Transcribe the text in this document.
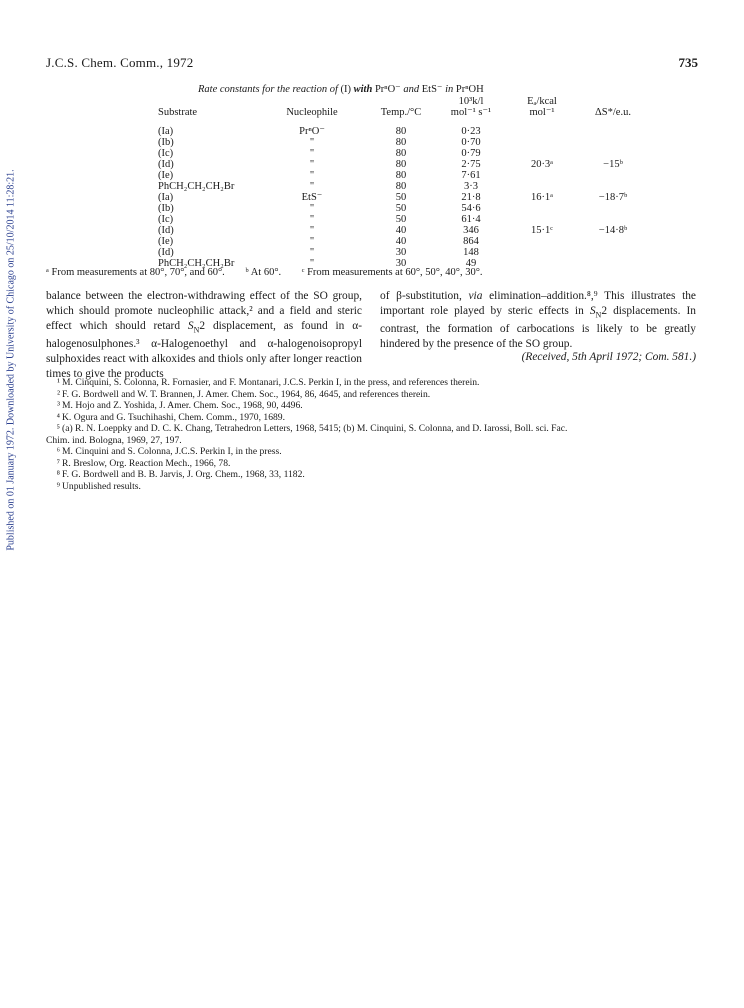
Published on 01 January 1972. Downloaded by University of Chicago on 25/10/2014 11:28:21.
J.C.S. Chem. Comm., 1972	735
Rate constants for the reaction of (I) with PrⁿO⁻ and EtS⁻ in PrⁿOH
			10³k/l	Eₐ/kcal	
Substrate	Nucleophile	Temp./°C	mol⁻¹ s⁻¹	mol⁻¹	ΔS*/e.u.
(Ia)	PrⁿO⁻	80	0·23		
(Ib)	"	80	0·70		
(Ic)	"	80	0·79		
(Id)	"	80	2·75	20·3ᵃ	−15ᵇ
(Ie)	"	80	7·61		
PhCH₂CH₂CH₂Br	"	80	3·3		
(Ia)	EtS⁻	50	21·8	16·1ᵃ	−18·7ᵇ
(Ib)	"	50	54·6		
(Ic)	"	50	61·4		
(Id)	"	40	346	15·1ᶜ	−14·8ᵇ
(Ie)	"	40	864		
(Id)	"	30	148		
PhCH₂CH₂CH₂Br	"	30	49		
ᵃ From measurements at 80°, 70°, and 60°. ᵇ At 60°. ᶜ From measurements at 60°, 50°, 40°, 30°.
balance between the electron-withdrawing effect of the SO group, which should promote nucleophilic attack,² and a field and steric effect which should retard $S_N2$ displacement, as found in α-halogenosulphones.³ α-Halogenoethyl and α-halogenoisopropyl sulphoxides react with alkoxides and thiols only after longer reaction times to give the products
of β-substitution, via elimination–addition.⁸,⁹ This illustrates the important role played by steric effects in $S_N2$ displacements. In contrast, the formation of carbocations is likely to be greatly hindered by the presence of the SO group.
(Received, 5th April 1972; Com. 581.)
¹ M. Cinquini, S. Colonna, R. Fornasier, and F. Montanari, J.C.S. Perkin I, in the press, and references therein.
² F. G. Bordwell and W. T. Brannen, J. Amer. Chem. Soc., 1964, 86, 4645, and references therein.
³ M. Hojo and Z. Yoshida, J. Amer. Chem. Soc., 1968, 90, 4496.
⁴ K. Ogura and G. Tsuchihashi, Chem. Comm., 1970, 1689.
⁵ (a) R. N. Loeppky and D. C. K. Chang, Tetrahedron Letters, 1968, 5415; (b) M. Cinquini, S. Colonna, and D. Iarossi, Boll. sci. Fac.
Chim. ind. Bologna, 1969, 27, 197.
⁶ M. Cinquini and S. Colonna, J.C.S. Perkin I, in the press.
⁷ R. Breslow, Org. Reaction Mech., 1966, 78.
⁸ F. G. Bordwell and B. B. Jarvis, J. Org. Chem., 1968, 33, 1182.
⁹ Unpublished results.
